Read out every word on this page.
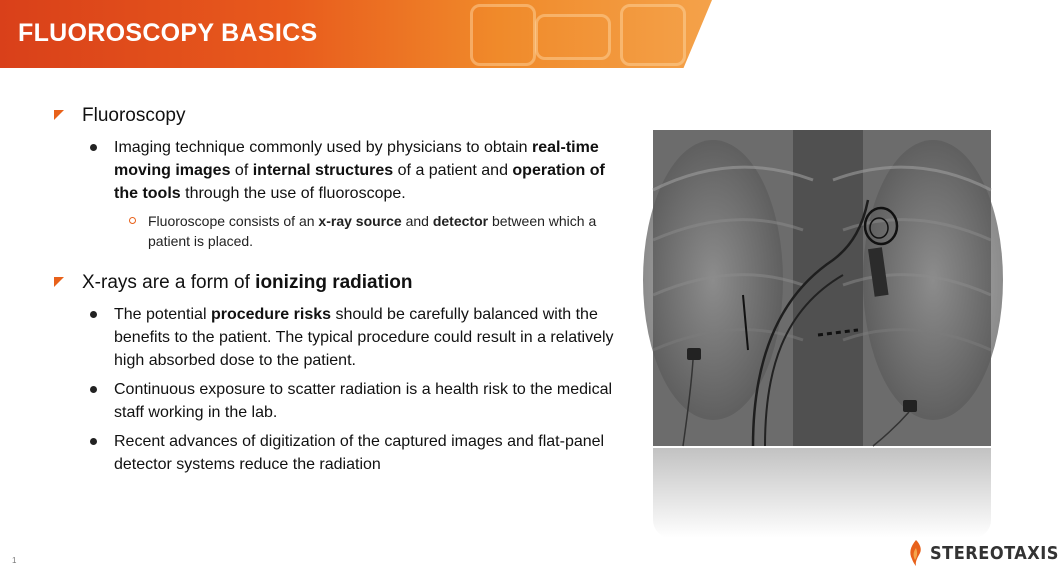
FLUOROSCOPY BASICS
Fluoroscopy
Imaging technique commonly used by physicians to obtain real-time moving images of internal structures of a patient and operation of the tools through the use of fluoroscope.
Fluoroscope consists of an x-ray source and detector between which a patient is placed.
X-rays are a form of ionizing radiation
The potential procedure risks should be carefully balanced with the benefits to the patient. The typical procedure could result in a relatively high absorbed dose to the patient.
Continuous exposure to scatter radiation is a health risk to the medical staff working in the lab.
Recent advances of digitization of the captured images and flat-panel detector systems reduce the radiation
1	STEREOTAXIS
